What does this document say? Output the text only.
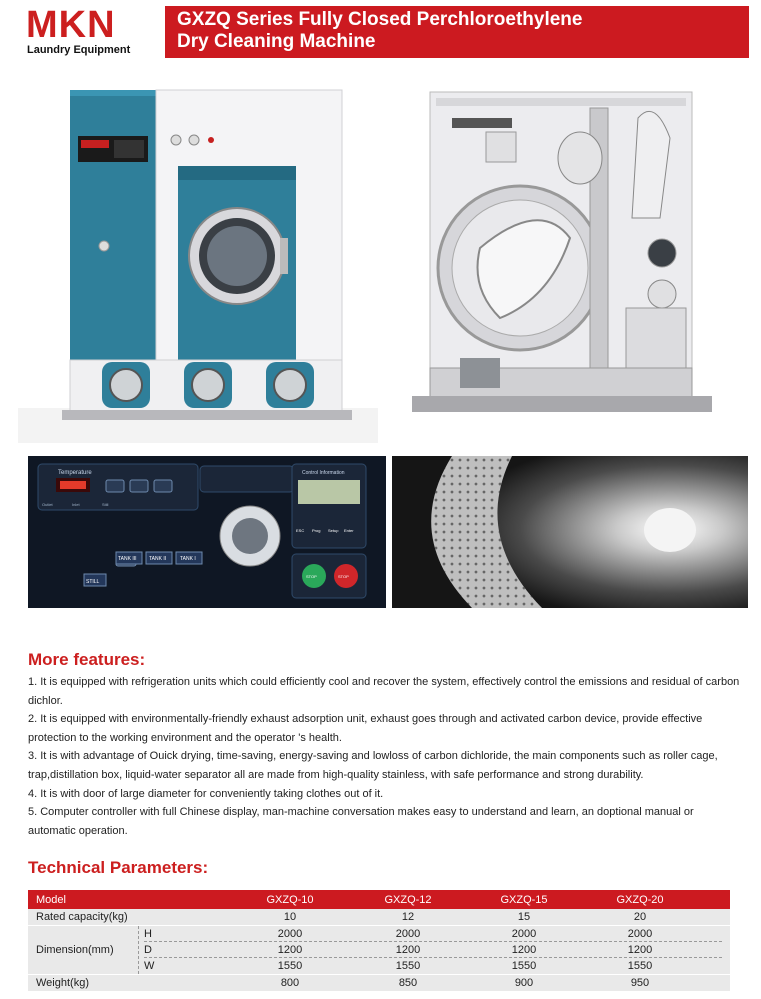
MKN
Laundry Equipment
GXZQ Series Fully Closed Perchloroethylene
Dry Cleaning Machine
Temperature
Outlet	Inlet	Still
TANK III TANK II	TANK I
STILL
Control Information
ESC Prog Setup Enter
STOP	STOP
More features:

1. It is equipped with refrigeration units which could efficiently cool and recover the system, effectively control the emissions and residual of carbon dichlor.

2. It is equipped with environmentally-friendly exhaust adsorption unit, exhaust goes through and activated carbon device, provide effective protection to the working environment and the operator 's health.

3. It is with advantage of Ouick drying, time-saving, energy-saving and lowloss of carbon dichloride, the main components such as roller cage, trap,distillation box, liquid-water separator all are made from high-quality stainless, with safe performance and strong durability.

4. It is with door of large diameter for conveniently taking clothes out of it.

5. Computer controller with full Chinese display, man-machine conversation makes easy to understand and learn, an doptional manual or automatic operation.

Technical Parameters:
Model	GXZQ-10	GXZQ-12	GXZQ-15	GXZQ-20
Rated capacity(kg)	10	12	15	20
Dimension(mm)
H	2000	2000	2000	2000
D	1200	1200	1200	1200
W	1550	1550	1550	1550
Weight(kg)	800	850	900	950
